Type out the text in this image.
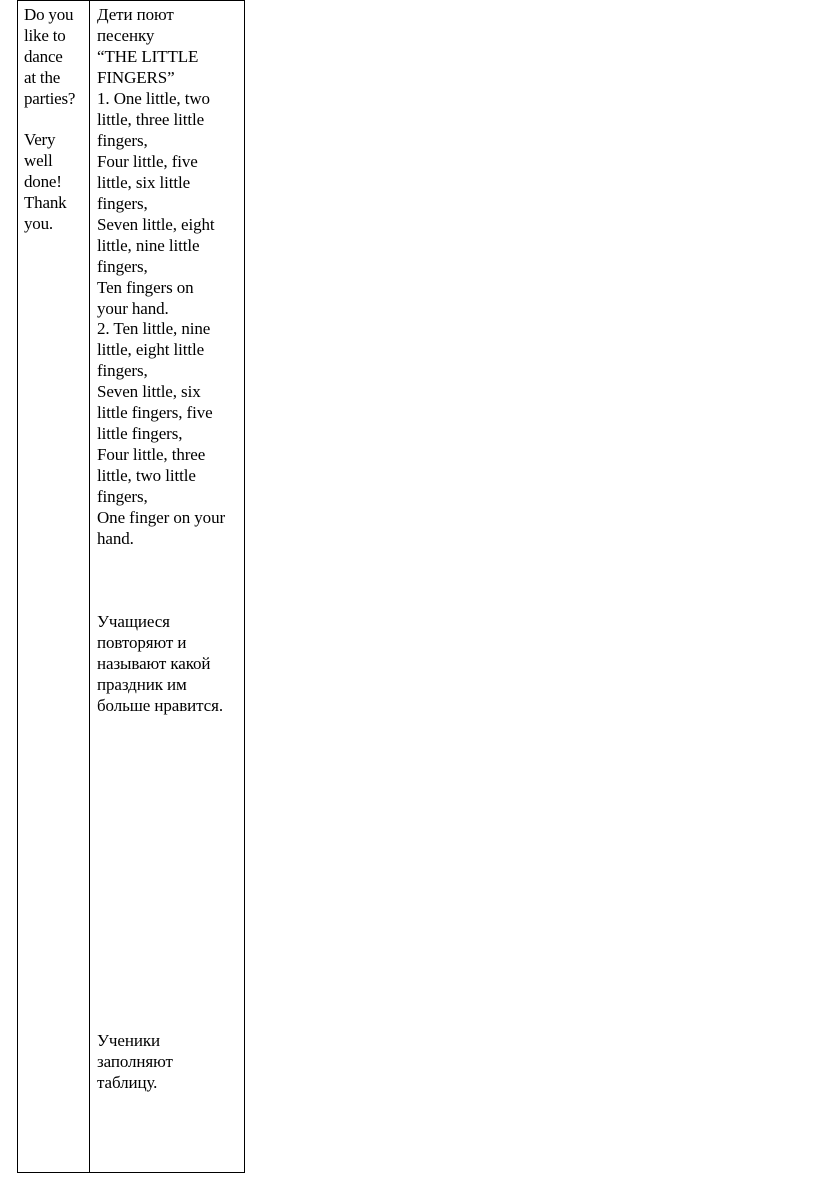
Do you
like to
dance
at the
parties?
Very
well
done!
Thank
you.
Дети поют
песенку
“THE LITTLE
FINGERS”
1. One little, two
little, three little
fingers,
Four little, five
little, six little
fingers,
Seven little, eight
little, nine little
fingers,
Ten fingers on
your hand.
2. Ten little, nine
little, eight little
fingers,
Seven little, six
little fingers, five
little fingers,
Four little, three
little, two little
fingers,
One finger on your
hand.
Учащиеся
повторяют и
называют какой
праздник им
больше нравится.
Ученики
заполняют
таблицу.
